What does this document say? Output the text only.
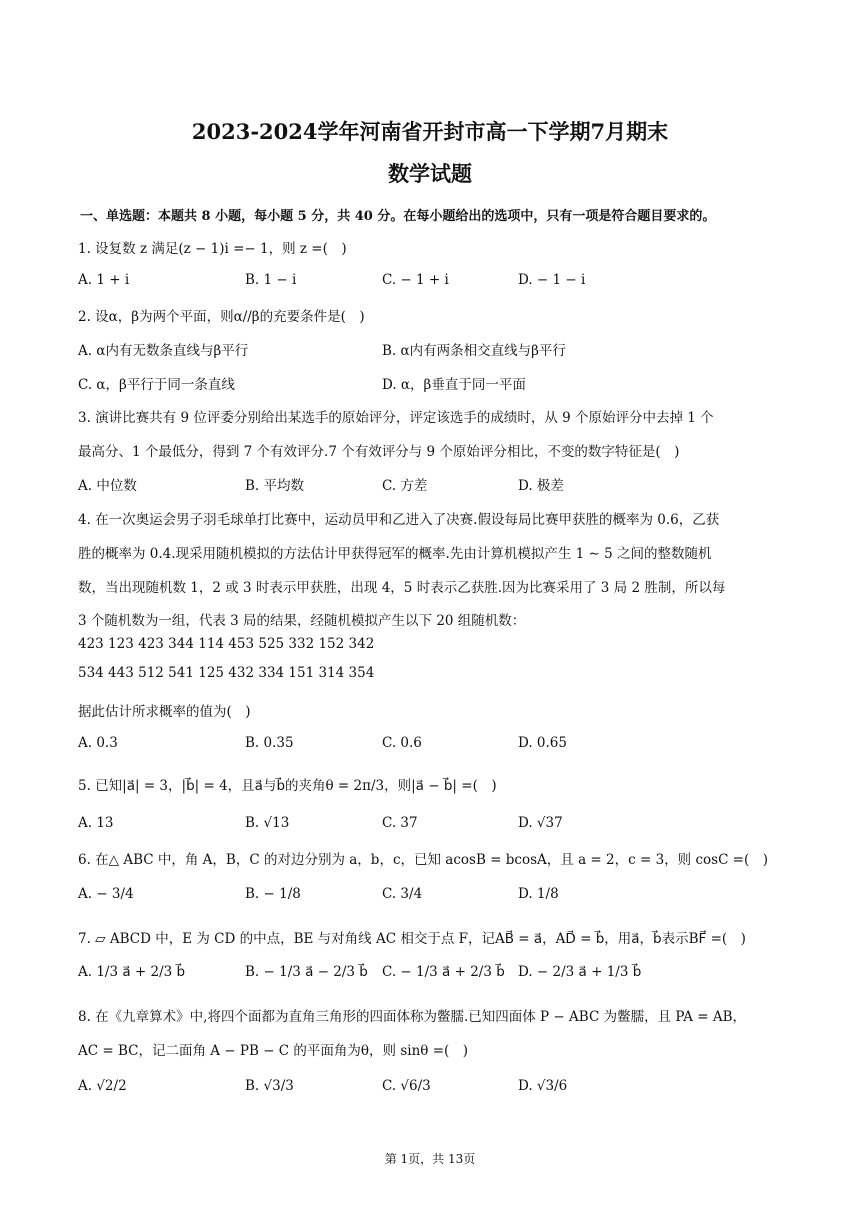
2023-2024学年河南省开封市高一下学期7月期末
数学试题
一、单选题：本题共 8 小题，每小题 5 分，共 40 分。在每小题给出的选项中，只有一项是符合题目要求的。
1. 设复数 z 满足(z − 1)i =− 1，则 z =(　)
A. 1 + i	B. 1 − i	C. − 1 + i	D. − 1 − i
2. 设α，β为两个平面，则α//β的充要条件是(　)
A. α内有无数条直线与β平行	B. α内有两条相交直线与β平行
C. α，β平行于同一条直线	D. α，β垂直于同一平面
3. 演讲比赛共有 9 位评委分别给出某选手的原始评分，评定该选手的成绩时，从 9 个原始评分中去掉 1 个
最高分、1 个最低分，得到 7 个有效评分.7 个有效评分与 9 个原始评分相比，不变的数字特征是(　)
A. 中位数	B. 平均数	C. 方差	D. 极差
4. 在一次奥运会男子羽毛球单打比赛中，运动员甲和乙进入了决赛.假设每局比赛甲获胜的概率为 0.6，乙获
胜的概率为 0.4.现采用随机模拟的方法估计甲获得冠军的概率.先由计算机模拟产生 1 ∼ 5 之间的整数随机
数，当出现随机数 1，2 或 3 时表示甲获胜，出现 4，5 时表示乙获胜.因为比赛采用了 3 局 2 胜制，所以每
3 个随机数为一组，代表 3 局的结果，经随机模拟产生以下 20 组随机数：
423 123 423 344 114 453 525 332 152 342
534 443 512 541 125 432 334 151 314 354
据此估计所求概率的值为(　)
A. 0.3	B. 0.35	C. 0.6	D. 0.65
5. 已知|a⃗| = 3，|b⃗| = 4，且a⃗与b⃗的夹角θ = 2π/3，则|a⃗ − b⃗| =(　)
A. 13	B. √13	C. 37	D. √37
6. 在△ ABC 中，角 A，B，C 的对边分别为 a，b，c，已知 acosB = bcosA，且 a = 2，c = 3，则 cosC =(　)
A. − 3/4	B. − 1/8	C. 3/4	D. 1/8
7. ▱ ABCD 中，E 为 CD 的中点，BE 与对角线 AC 相交于点 F，记AB⃗ = a⃗，AD⃗ = b⃗，用a⃗，b⃗表示BF⃗ =(　)
A. 1/3 a⃗ + 2/3 b⃗	B. − 1/3 a⃗ − 2/3 b⃗ C. − 1/3 a⃗ + 2/3 b⃗ D. − 2/3 a⃗ + 1/3 b⃗
8. 在《九章算术》中,将四个面都为直角三角形的四面体称为鳖臑.已知四面体 P − ABC 为鳖臑，且 PA = AB，
AC = BC，记二面角 A − PB − C 的平面角为θ，则 sinθ =(　)
A. √2/2	B. √3/3	C. √6/3	D. √3/6
第 1页，共 13页
